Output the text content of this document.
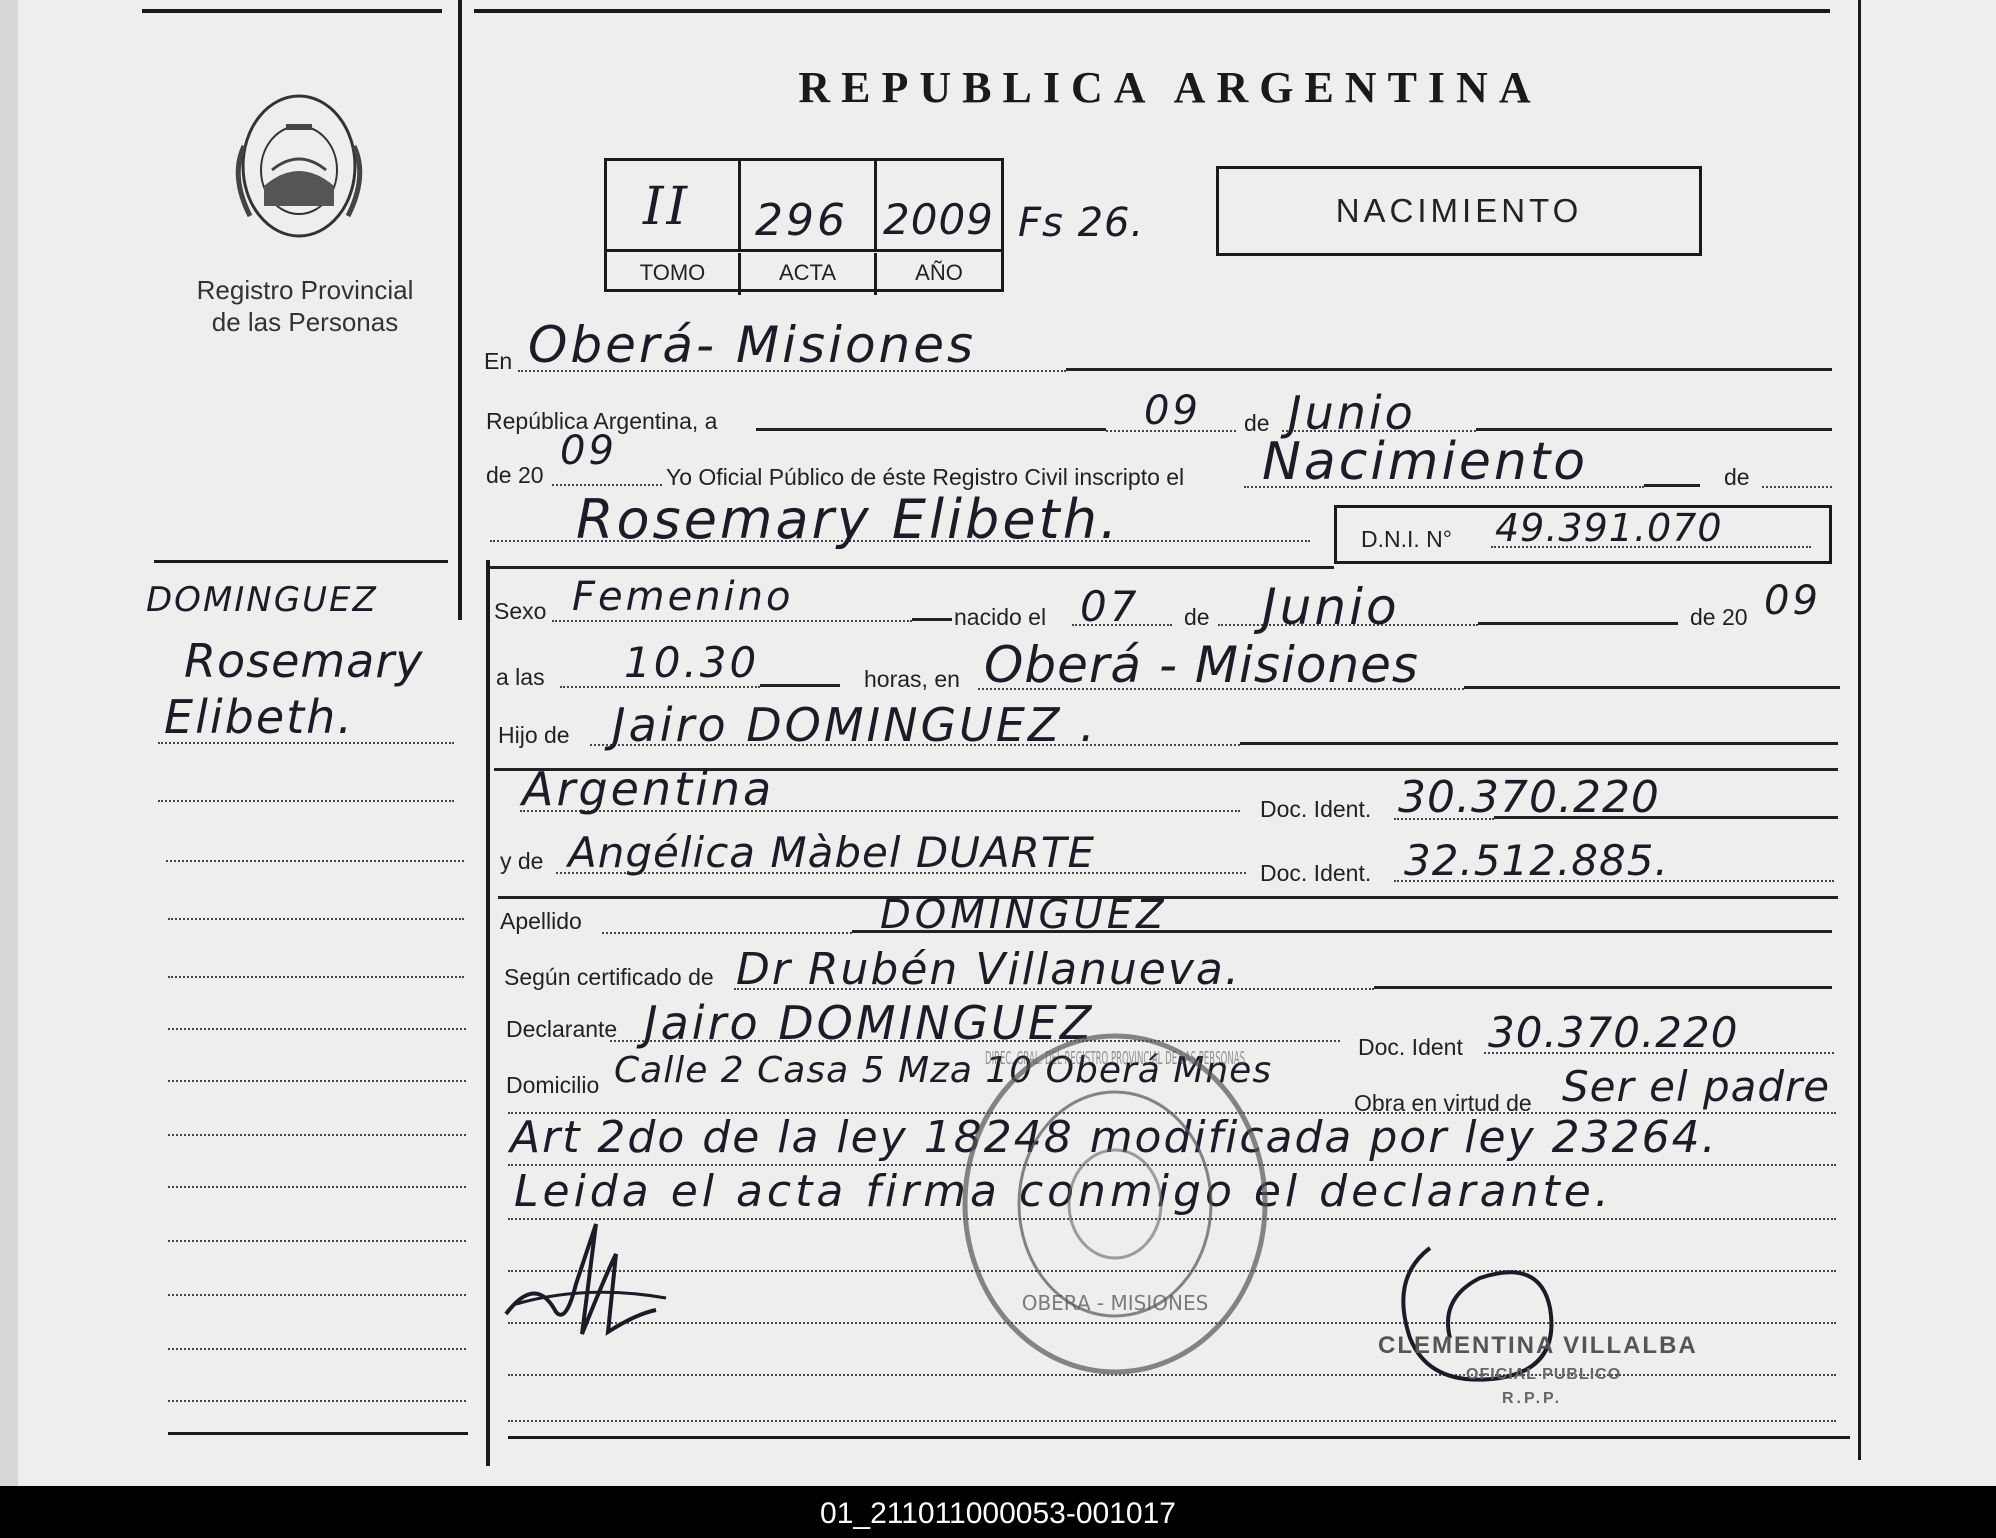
Registro Provincial
de las Personas
REPUBLICA ARGENTINA
TOMO	ACTA	AÑO
II 296 2009 Fs 26.	NACIMIENTO
DOMINGUEZ
Rosemary
Elibeth.
En Oberá- Misiones
República Argentina, a	09 de Junio
de 20
09
Yo Oficial Público de éste Registro Civil inscripto el Nacimiento	de
Rosemary Elibeth.	D.N.I. N° 49.391.070
Sexo Femenino	nacido el 07 de Junio	de 20 09
a las 10.30	horas, en Oberá - Misiones
Hijo de Jairo DOMINGUEZ .
Argentina	Doc. Ident. 30.370.220
y de Angélica Màbel DUARTE	Doc. Ident. 32.512.885.
Apellido	DOMINGUEZ
Según certificado de Dr Rubén Villanueva.
Declarante Jairo DOMINGUEZ	Doc. Ident 30.370.220
Domicilio Calle 2 Casa 5 Mza 10 Oberá Mnes
Obra en virtud de Ser el padre
Art 2do de la ley 18248 modificada por ley 23264.
Leida el acta firma conmigo el declarante.
OBERA - MISIONES
DIREC. GRAL. DEL REGISTRO PROVINCIAL DE LAS PERSONAS
CLEMENTINA VILLALBA
OFICIAL PUBLICO
R.P.P.
01_211011000053-001017
